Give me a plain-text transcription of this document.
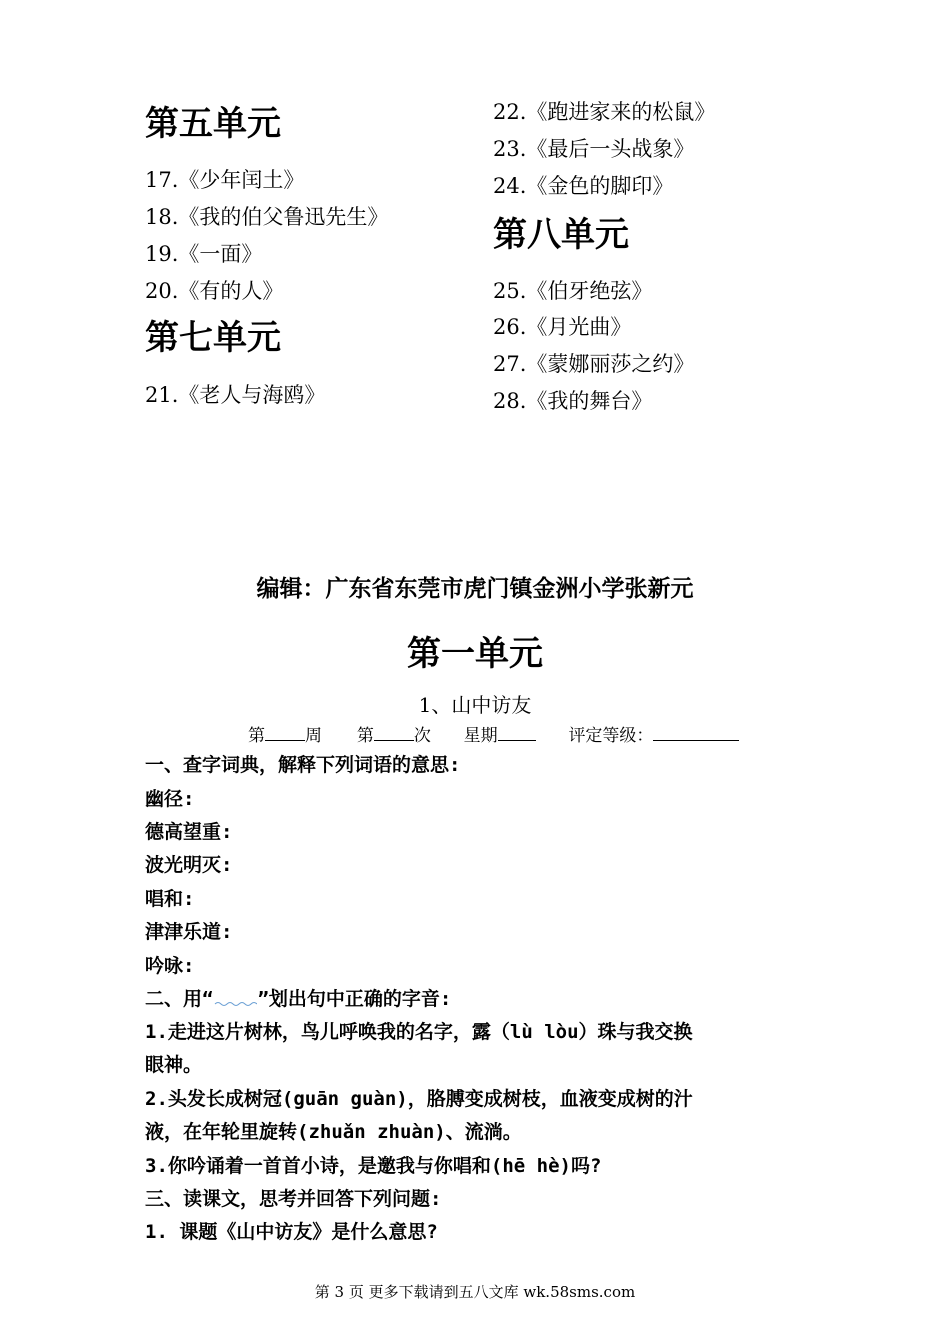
第五单元
17.《少年闰土》
18.《我的伯父鲁迅先生》
19.《一面》
20.《有的人》
第七单元
21.《老人与海鸥》
22.《跑进家来的松鼠》
23.《最后一头战象》
24.《金色的脚印》
第八单元
25.《伯牙绝弦》
26.《月光曲》
27.《蒙娜丽莎之约》
28.《我的舞台》
编辑：广东省东莞市虎门镇金洲小学张新元
第一单元
1、山中访友
第 周 第 次 星期	评定等级：
一、查字词典，解释下列词语的意思:
幽径:
德高望重:
波光明灭:
唱和:
津津乐道:
吟咏:
二、用“ ”划出句中正确的字音:
1.走进这片树林，鸟儿呼唤我的名字，露（lù lòu）珠与我交换
眼神。
2.头发长成树冠(guān guàn)，胳膊变成树枝，血液变成树的汁
液，在年轮里旋转(zhuǎn zhuàn)、流淌。
3.你吟诵着一首首小诗，是邀我与你唱和(hē hè)吗?
三、读课文，思考并回答下列问题:
1. 课题《山中访友》是什么意思?
第 3 页 更多下载请到五八文库 wk.58sms.com
